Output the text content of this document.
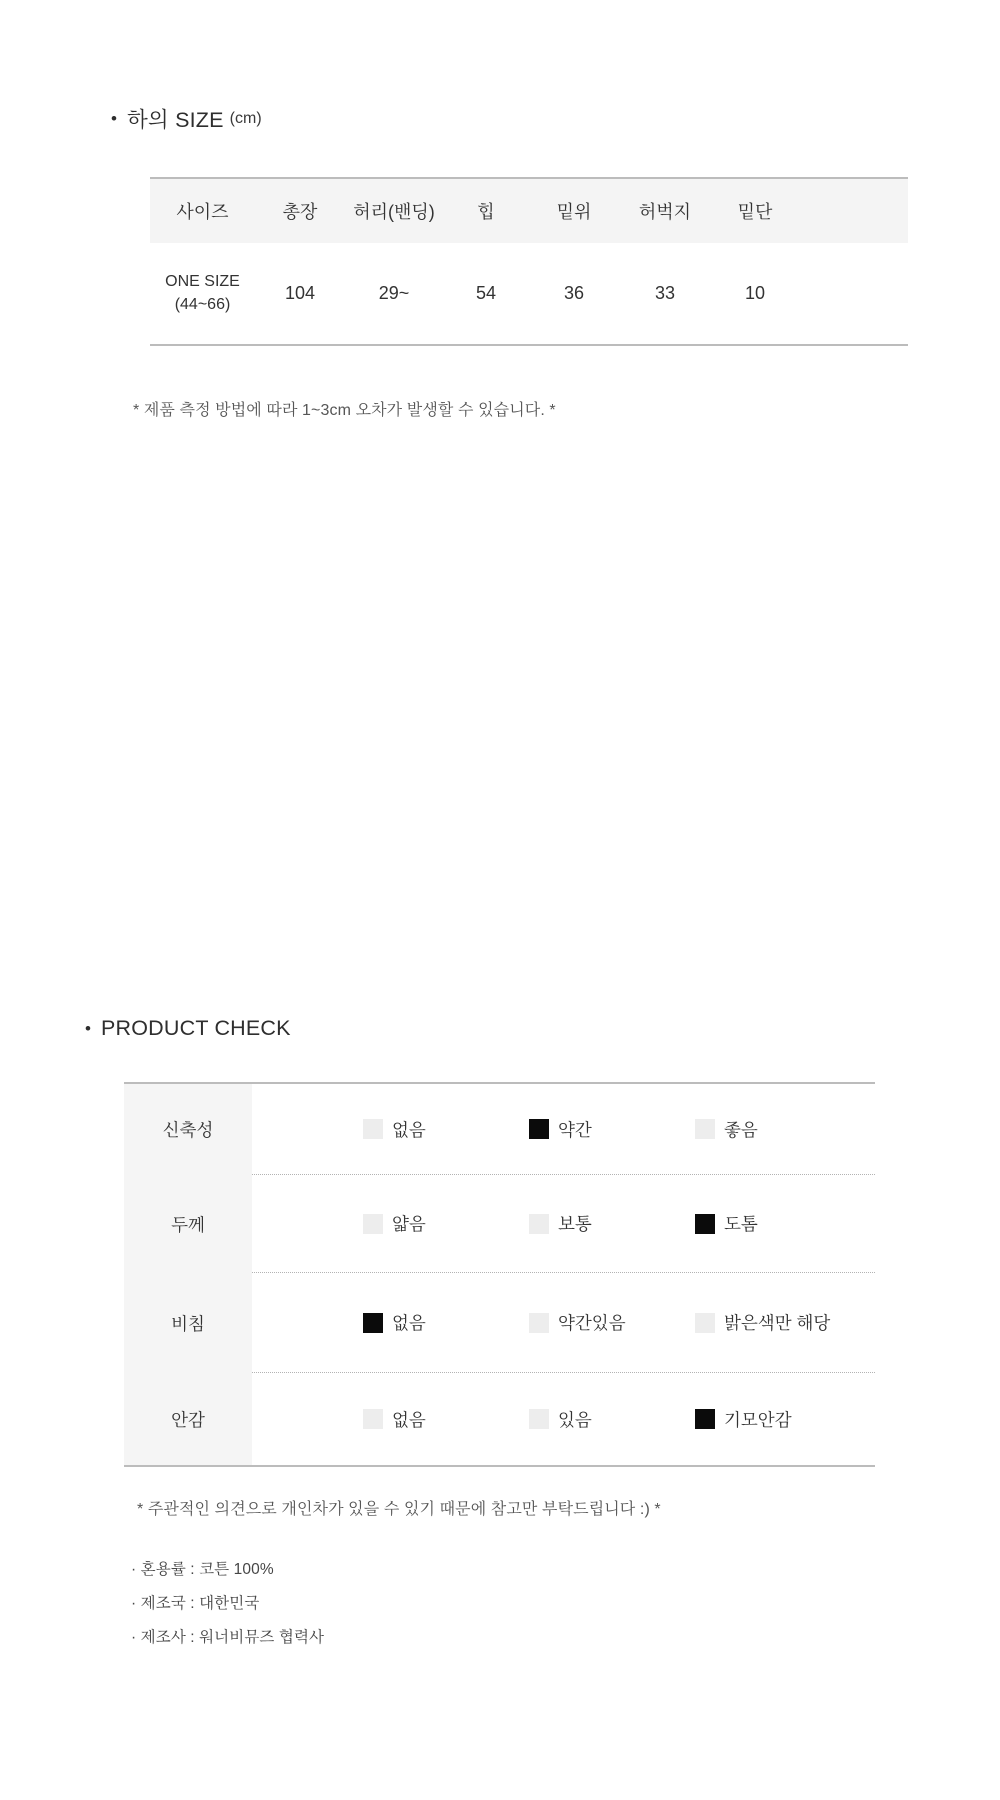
• 하의 SIZE (cm)
사이즈	총장	허리(밴딩)	힙	밑위	허벅지	밑단
ONE SIZE
(44~66)
104	29~	54	36	33	10
* 제품 측정 방법에 따라 1~3cm 오차가 발생할 수 있습니다. *
• PRODUCT CHECK
신축성	없음	약간	좋음
두께	얇음	보통	도톰
비침	없음	약간있음	밝은색만 해당
안감	없음	있음	기모안감
* 주관적인 의견으로 개인차가 있을 수 있기 때문에 참고만 부탁드립니다 :) *
· 혼용률 : 코튼 100%
· 제조국 : 대한민국
· 제조사 : 워너비뮤즈 협력사
